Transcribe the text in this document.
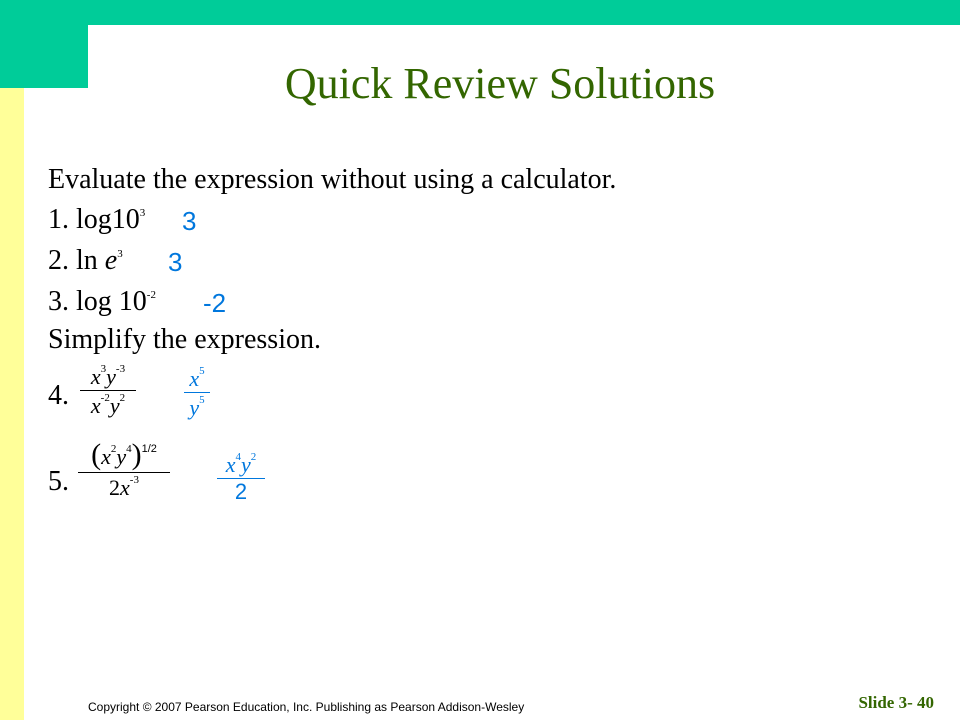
Quick Review Solutions
Evaluate the expression without using a calculator.
1. $\log 10^3$ 3
2. $\ln e^3$ 3
3. $\log 10^{-2}$ -2
Simplify the expression.
4.
$x^3y^{-3}$
$x^{-2}y^2$
$x^5$
$y^5$
5.
$(x^2y^4)^{1/2}$
$2x^{-3}$
$x^4y^2$
2
Copyright © 2007 Pearson Education, Inc. Publishing as Pearson Addison-Wesley	Slide 3- 40
